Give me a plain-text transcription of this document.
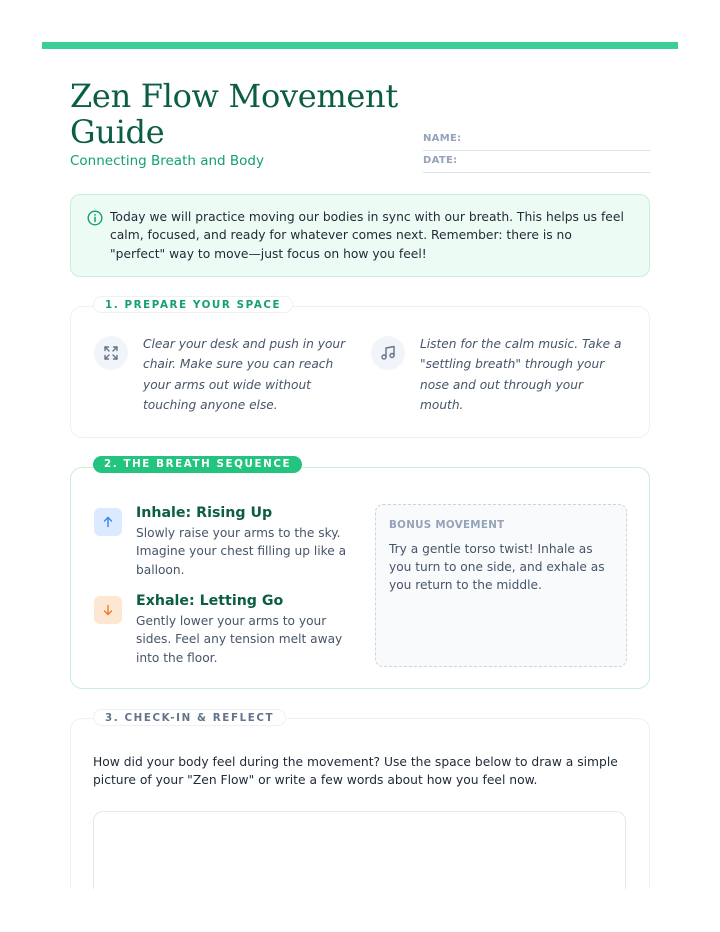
Zen Flow Movement Guide
Connecting Breath and Body
NAME:
DATE:
Today we will practice moving our bodies in sync with our breath. This helps us feel calm, focused, and ready for whatever comes next. Remember: there is no "perfect" way to move—just focus on how you feel!
1. PREPARE YOUR SPACE
Clear your desk and push in your chair. Make sure you can reach your arms out wide without touching anyone else.
Listen for the calm music. Take a "settling breath" through your nose and out through your mouth.
2. THE BREATH SEQUENCE
Inhale: Rising Up
Slowly raise your arms to the sky. Imagine your chest filling up like a balloon.
Exhale: Letting Go
Gently lower your arms to your sides. Feel any tension melt away into the floor.
BONUS MOVEMENT
Try a gentle torso twist! Inhale as you turn to one side, and exhale as you return to the middle.
3. CHECK-IN & REFLECT
How did your body feel during the movement? Use the space below to draw a simple picture of your "Zen Flow" or write a few words about how you feel now.
